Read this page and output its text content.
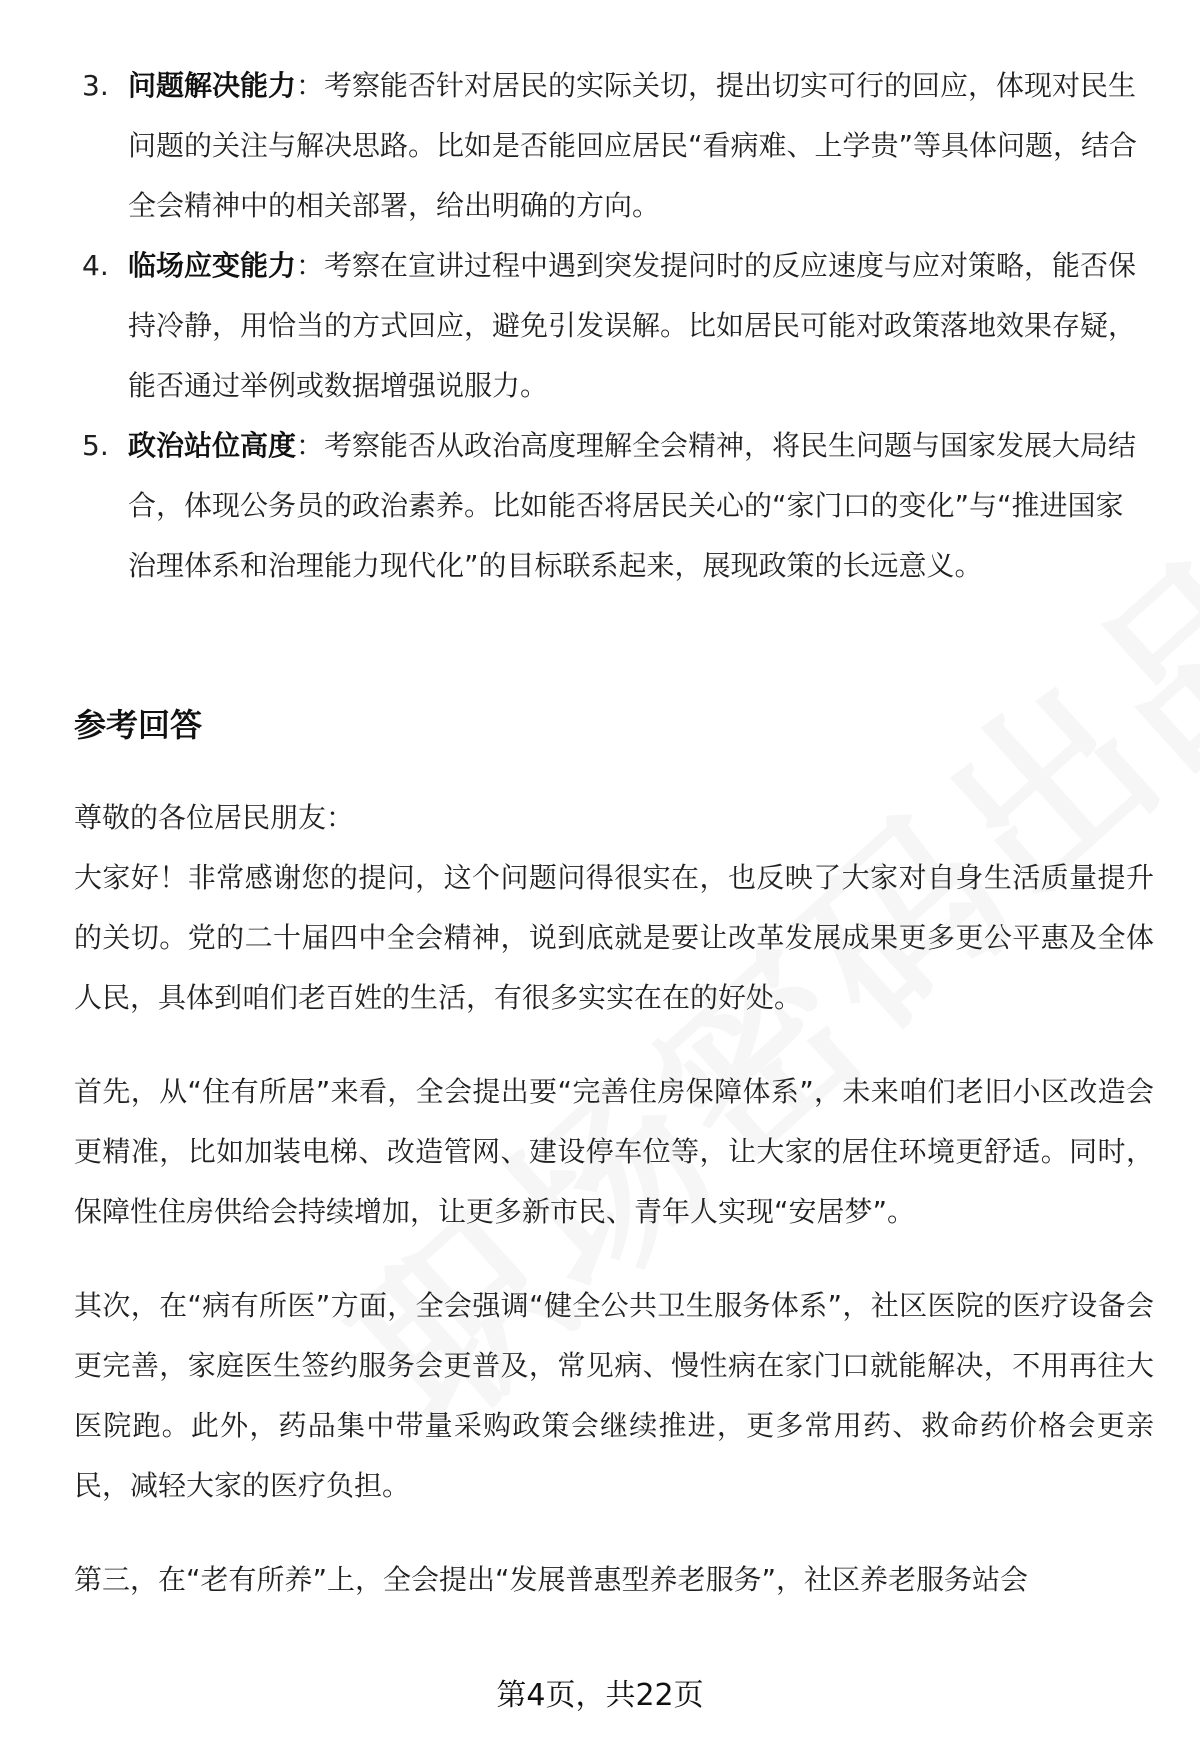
3. 问题解决能力：考察能否针对居民的实际关切，提出切实可行的回应，体现对民生问题的关注与解决思路。比如是否能回应居民“看病难、上学贵”等具体问题，结合全会精神中的相关部署，给出明确的方向。
4. 临场应变能力：考察在宣讲过程中遇到突发提问时的反应速度与应对策略，能否保持冷静，用恰当的方式回应，避免引发误解。比如居民可能对政策落地效果存疑，能否通过举例或数据增强说服力。
5. 政治站位高度：考察能否从政治高度理解全会精神，将民生问题与国家发展大局结合，体现公务员的政治素养。比如能否将居民关心的“家门口的变化”与“推进国家治理体系和治理能力现代化”的目标联系起来，展现政策的长远意义。
参考回答

尊敬的各位居民朋友：

大家好！非常感谢您的提问，这个问题问得很实在，也反映了大家对自身生活质量提升的关切。党的二十届四中全会精神，说到底就是要让改革发展成果更多更公平惠及全体人民，具体到咱们老百姓的生活，有很多实实在在的好处。

首先，从“住有所居”来看，全会提出要“完善住房保障体系”，未来咱们老旧小区改造会更精准，比如加装电梯、改造管网、建设停车位等，让大家的居住环境更舒适。同时，保障性住房供给会持续增加，让更多新市民、青年人实现“安居梦”。

其次，在“病有所医”方面，全会强调“健全公共卫生服务体系”，社区医院的医疗设备会更完善，家庭医生签约服务会更普及，常见病、慢性病在家门口就能解决，不用再往大医院跑。此外，药品集中带量采购政策会继续推进，更多常用药、救命药价格会更亲民，减轻大家的医疗负担。

第三，在“老有所养”上，全会提出“发展普惠型养老服务”，社区养老服务站会

第4页，共22页
